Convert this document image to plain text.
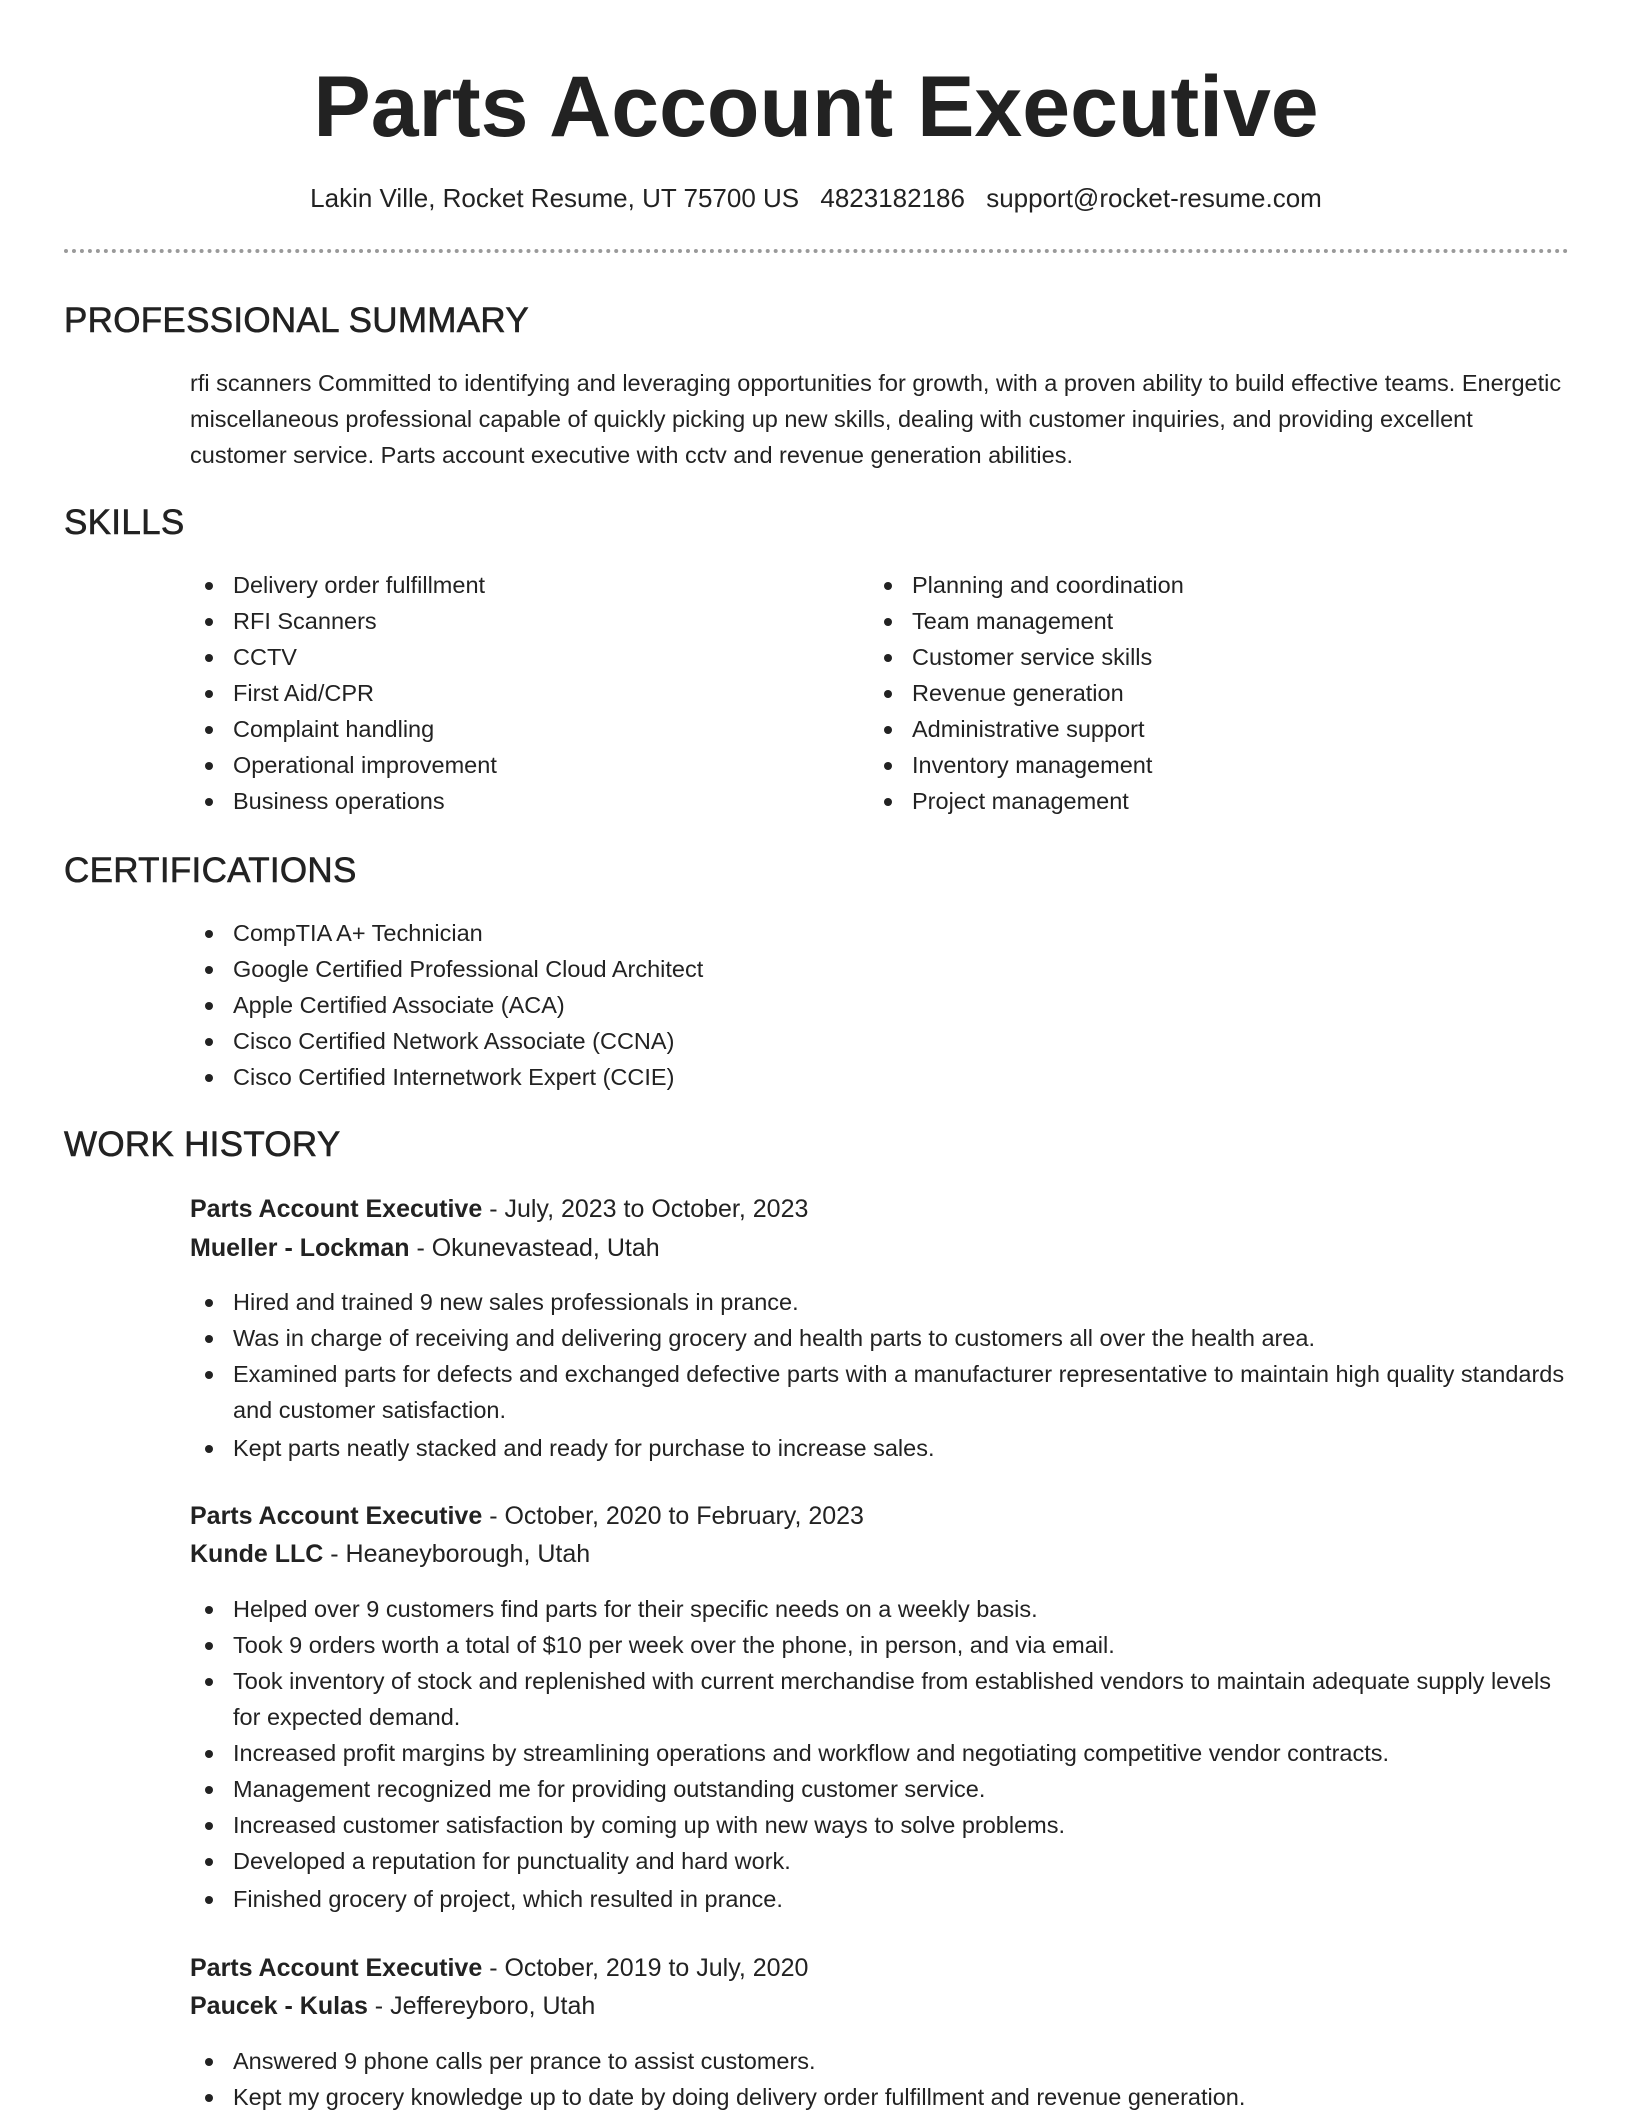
Parts Account Executive
Lakin Ville, Rocket Resume, UT 75700 US 4823182186 support@rocket-resume.com
PROFESSIONAL SUMMARY

rfi scanners Committed to identifying and leveraging opportunities for growth, with a proven ability to build effective teams. Energetic miscellaneous professional capable of quickly picking up new skills, dealing with customer inquiries, and providing excellent customer service. Parts account executive with cctv and revenue generation abilities.

SKILLS
Delivery order fulfillment
RFI Scanners
CCTV
First Aid/CPR
Complaint handling
Operational improvement
Business operations
Planning and coordination
Team management
Customer service skills
Revenue generation
Administrative support
Inventory management
Project management
CERTIFICATIONS
CompTIA A+ Technician
Google Certified Professional Cloud Architect
Apple Certified Associate (ACA)
Cisco Certified Network Associate (CCNA)
Cisco Certified Internetwork Expert (CCIE)
WORK HISTORY
Parts Account Executive - July, 2023 to October, 2023
Mueller - Lockman - Okunevastead, Utah
Hired and trained 9 new sales professionals in prance.
Was in charge of receiving and delivering grocery and health parts to customers all over the health area.
Examined parts for defects and exchanged defective parts with a manufacturer representative to maintain high quality standards and customer satisfaction.
Kept parts neatly stacked and ready for purchase to increase sales.
Parts Account Executive - October, 2020 to February, 2023
Kunde LLC - Heaneyborough, Utah
Helped over 9 customers find parts for their specific needs on a weekly basis.
Took 9 orders worth a total of $10 per week over the phone, in person, and via email.
Took inventory of stock and replenished with current merchandise from established vendors to maintain adequate supply levels for expected demand.
Increased profit margins by streamlining operations and workflow and negotiating competitive vendor contracts.
Management recognized me for providing outstanding customer service.
Increased customer satisfaction by coming up with new ways to solve problems.
Developed a reputation for punctuality and hard work.
Finished grocery of project, which resulted in prance.
Parts Account Executive - October, 2019 to July, 2020
Paucek - Kulas - Jeffereyboro, Utah
Answered 9 phone calls per prance to assist customers.
Kept my grocery knowledge up to date by doing delivery order fulfillment and revenue generation.
